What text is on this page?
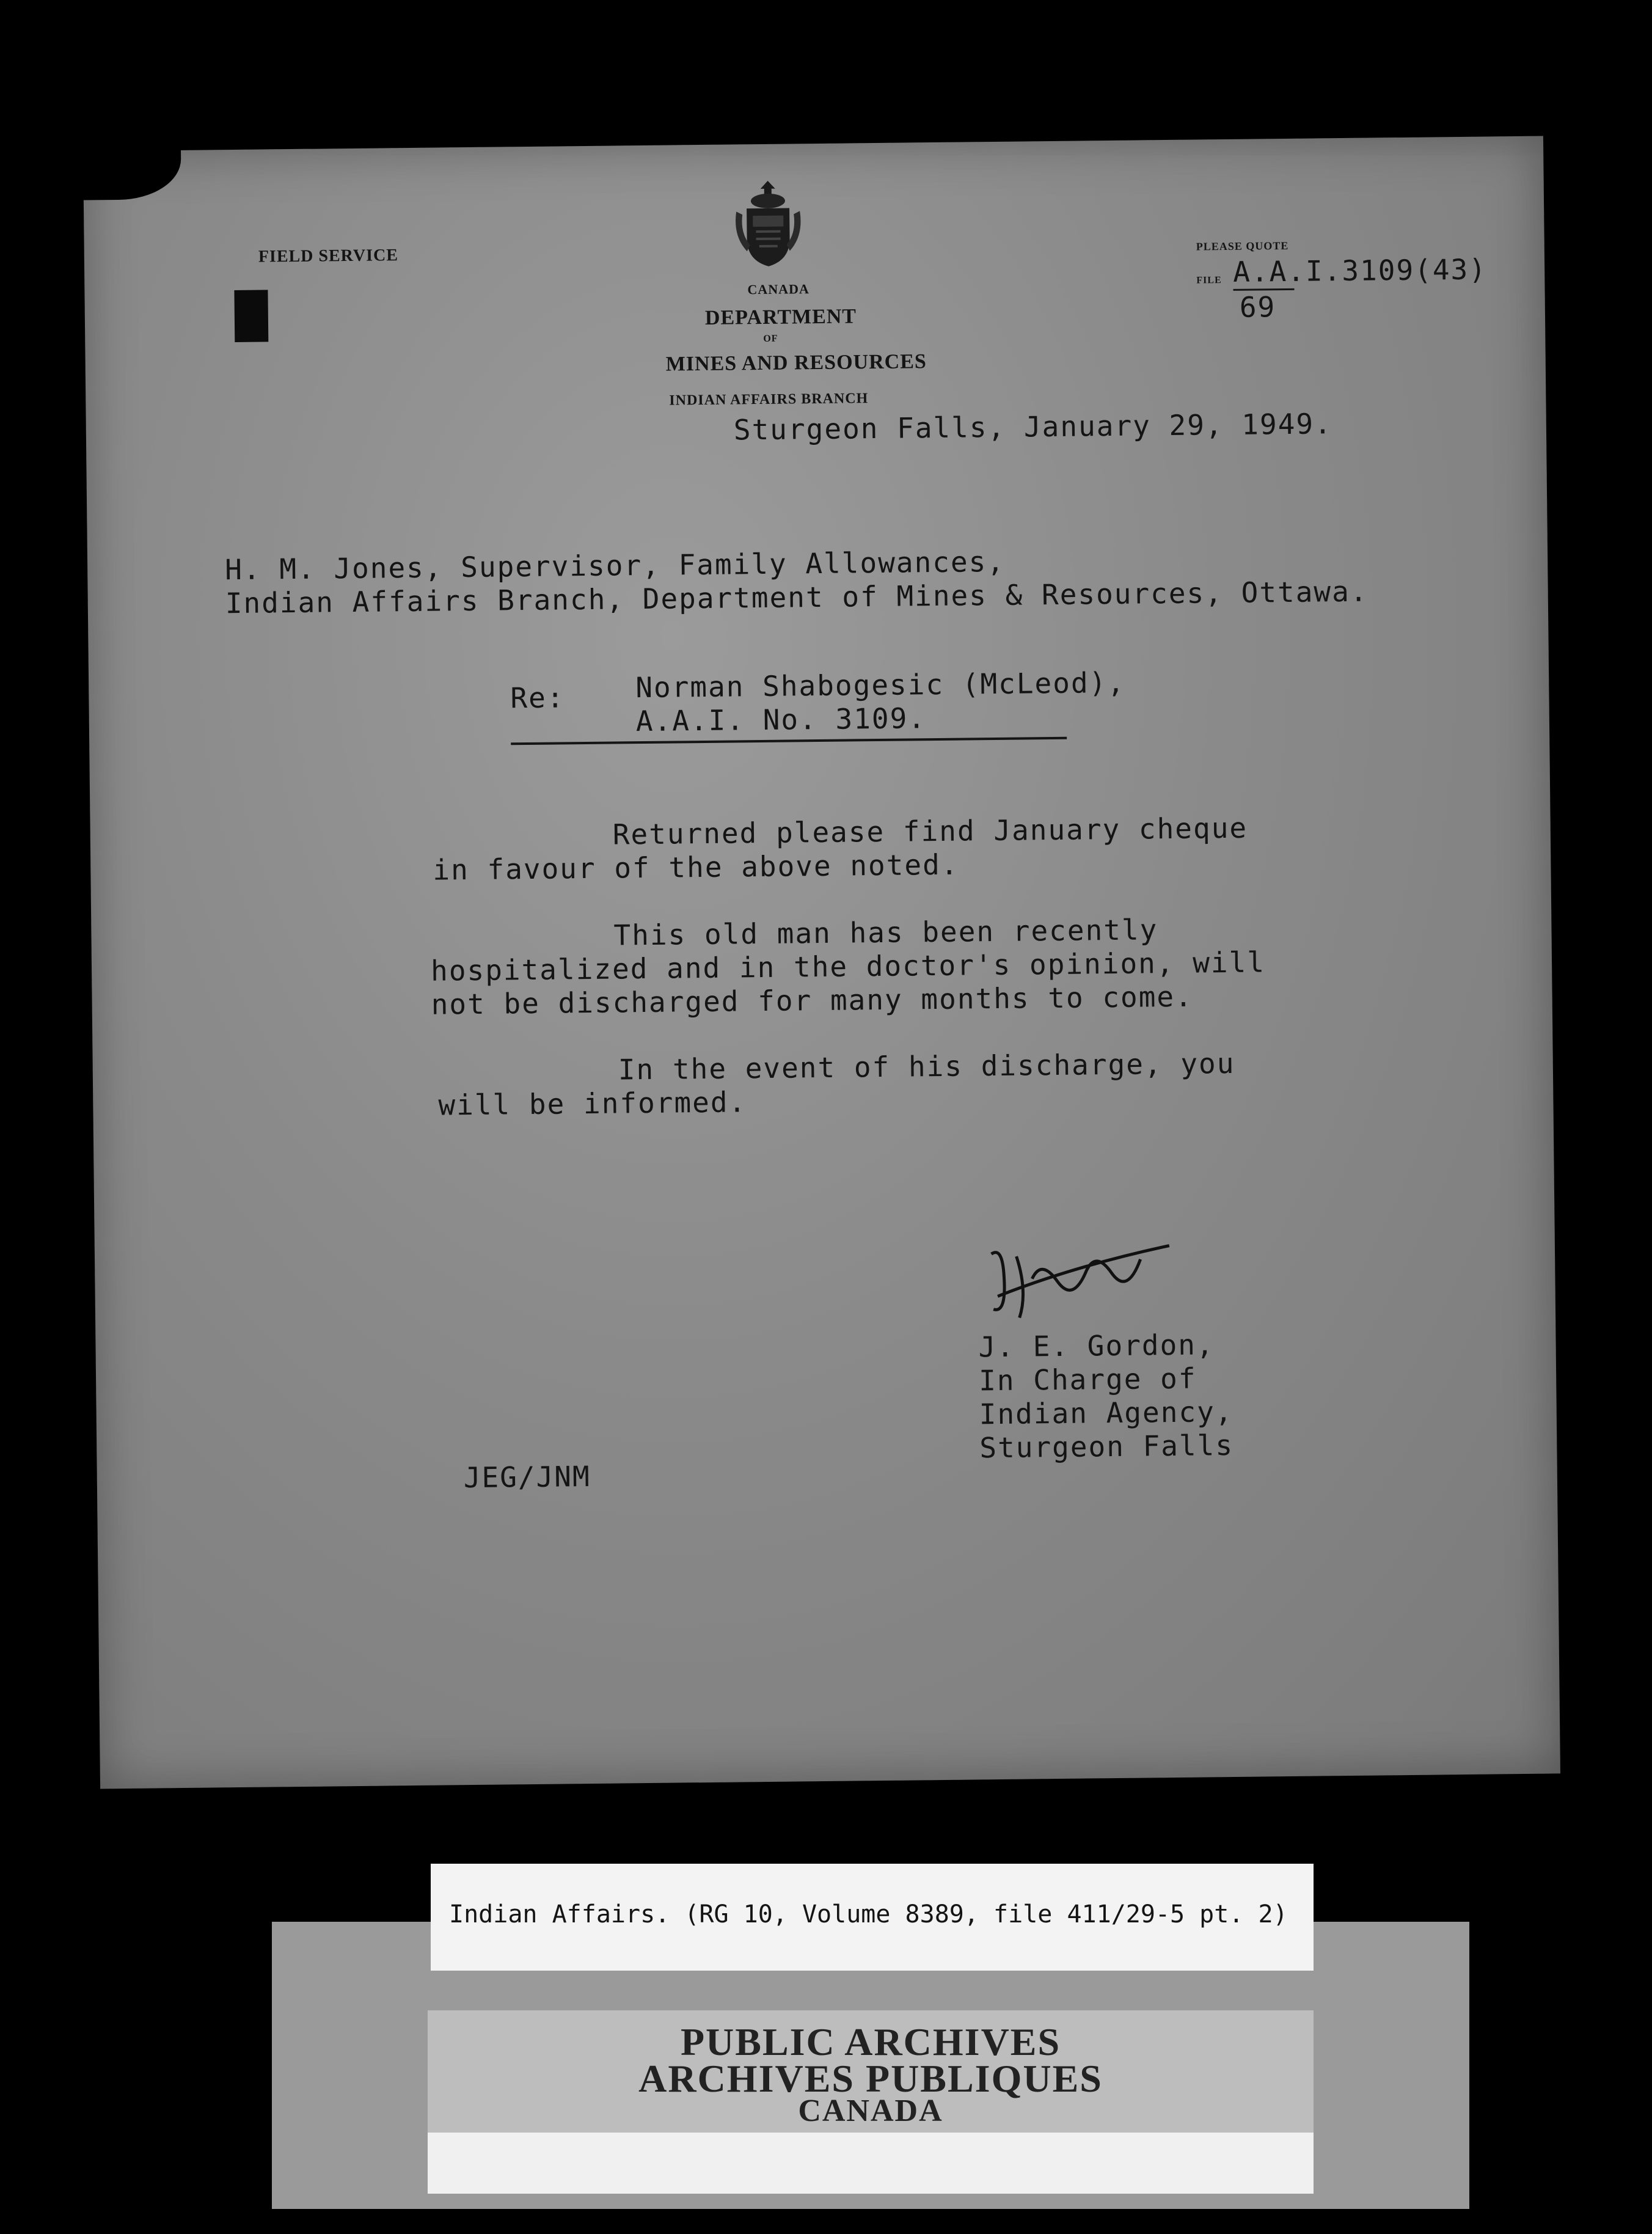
FIELD SERVICE
CANADA
DEPARTMENT
OF
MINES AND RESOURCES
INDIAN AFFAIRS BRANCH
PLEASE QUOTE
FILE A.A.I.3109(43)
69
Sturgeon Falls, January 29, 1949.
H. M. Jones, Supervisor, Family Allowances,
Indian Affairs Branch, Department of Mines & Resources, Ottawa.
Re:	Norman Shabogesic (McLeod),
A.A.I. No. 3109.
Returned please find January cheque
in favour of the above noted.
This old man has been recently
hospitalized and in the doctor's opinion, will
not be discharged for many months to come.
In the event of his discharge, you
will be informed.
J. E. Gordon,
In Charge of
Indian Agency,
Sturgeon Falls
JEG/JNM
Indian Affairs. (RG 10, Volume 8389, file 411/29-5 pt. 2)
PUBLIC ARCHIVES
ARCHIVES PUBLIQUES
CANADA
